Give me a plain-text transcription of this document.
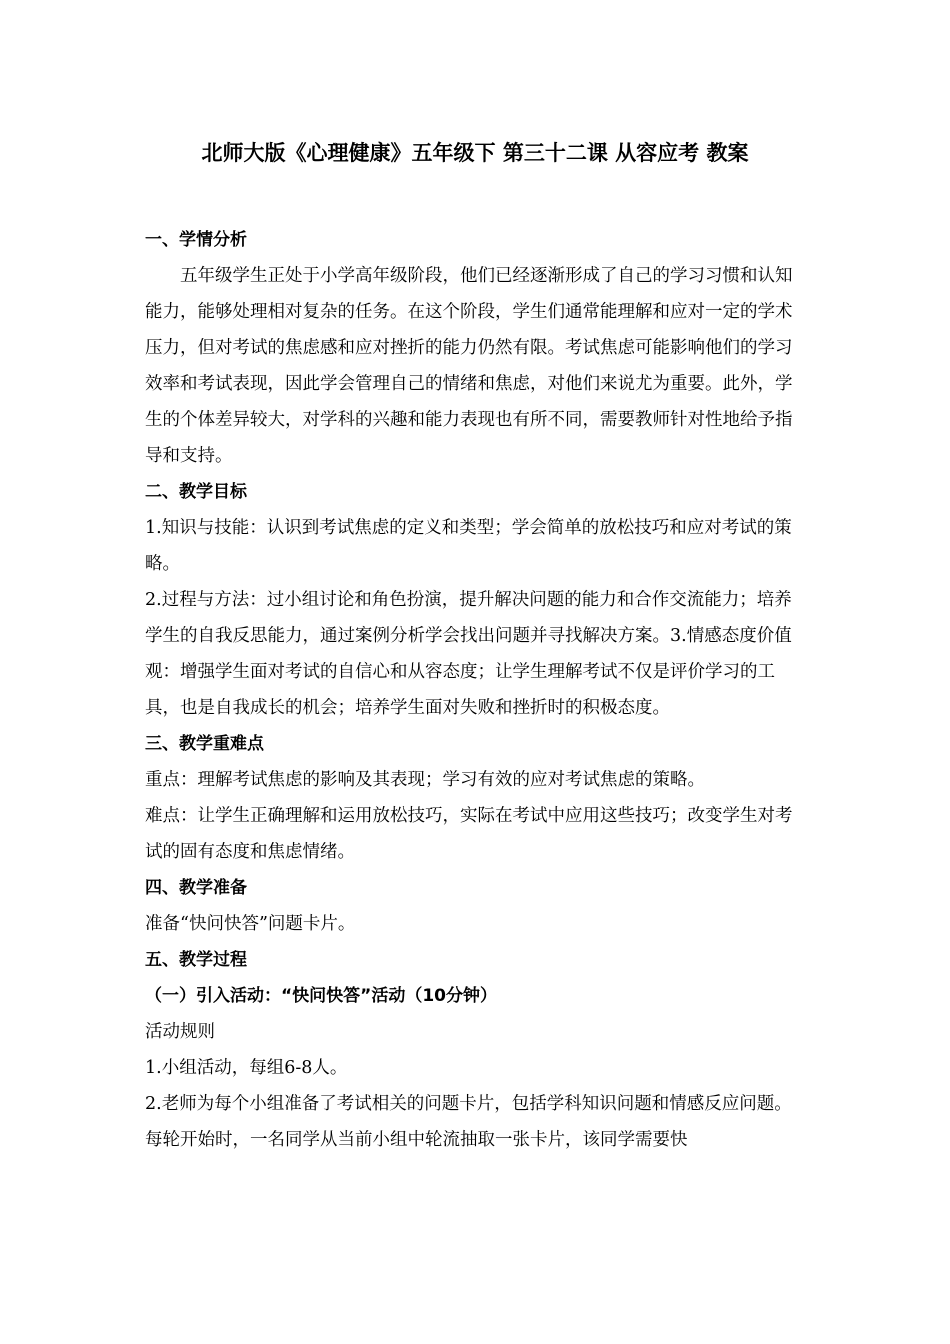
北师大版《心理健康》五年级下 第三十二课 从容应考 教案

一、学情分析

五年级学生正处于小学高年级阶段，他们已经逐渐形成了自己的学习习惯和认知能力，能够处理相对复杂的任务。在这个阶段，学生们通常能理解和应对一定的学术压力，但对考试的焦虑感和应对挫折的能力仍然有限。考试焦虑可能影响他们的学习效率和考试表现，因此学会管理自己的情绪和焦虑，对他们来说尤为重要。此外，学生的个体差异较大，对学科的兴趣和能力表现也有所不同，需要教师针对性地给予指导和支持。

二、教学目标

1.知识与技能：认识到考试焦虑的定义和类型；学会简单的放松技巧和应对考试的策略。

2.过程与方法：过小组讨论和角色扮演，提升解决问题的能力和合作交流能力；培养学生的自我反思能力，通过案例分析学会找出问题并寻找解决方案。3.情感态度价值观：增强学生面对考试的自信心和从容态度；让学生理解考试不仅是评价学习的工具，也是自我成长的机会；培养学生面对失败和挫折时的积极态度。

三、教学重难点

重点：理解考试焦虑的影响及其表现；学习有效的应对考试焦虑的策略。

难点：让学生正确理解和运用放松技巧，实际在考试中应用这些技巧；改变学生对考试的固有态度和焦虑情绪。

四、教学准备

准备“快问快答”问题卡片。

五、教学过程

（一）引入活动：“快问快答”活动（10分钟）

活动规则

1.小组活动，每组6-8人。

2.老师为每个小组准备了考试相关的问题卡片，包括学科知识问题和情感反应问题。每轮开始时，一名同学从当前小组中轮流抽取一张卡片，该同学需要快
